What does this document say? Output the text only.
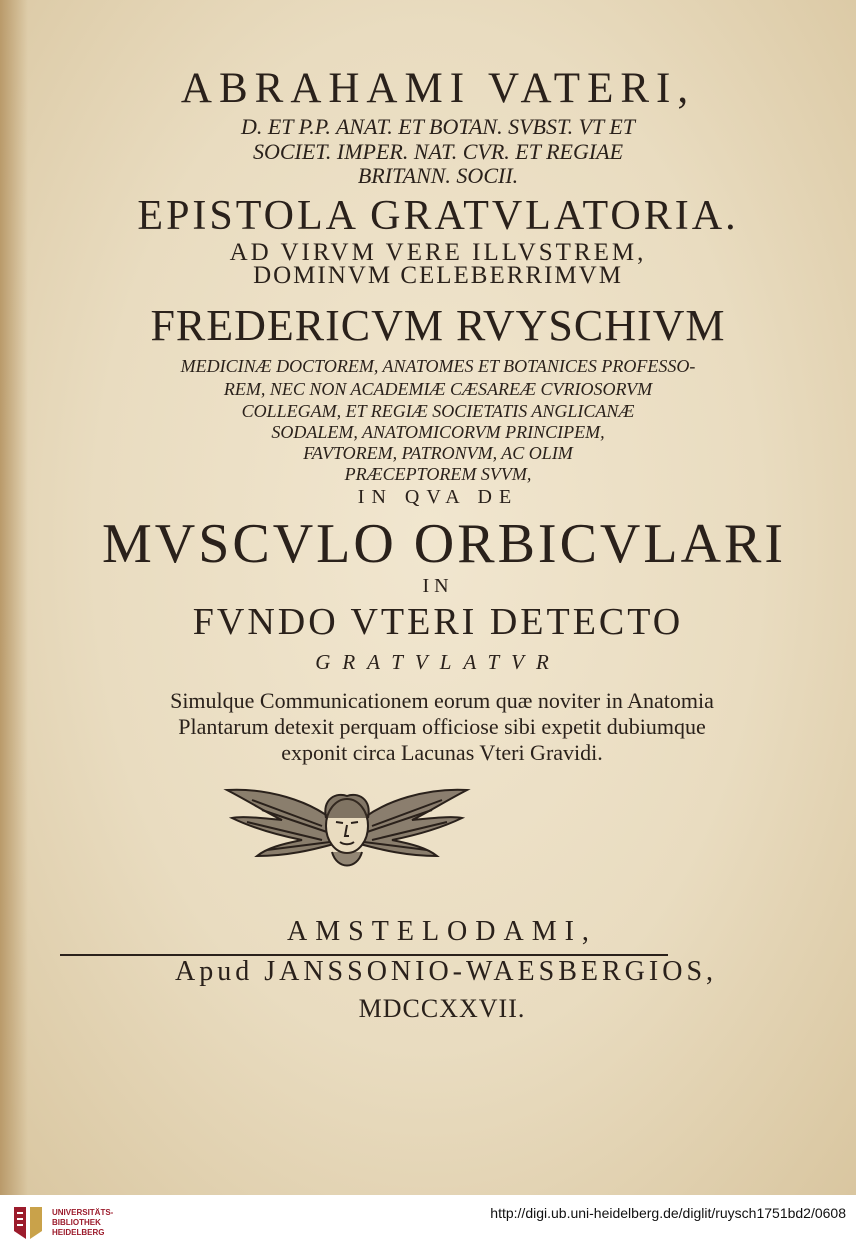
ABRAHAMI VATERI,
D. ET P.P. ANAT. ET BOTAN. SVBST. VT ET
SOCIET. IMPER. NAT. CVR. ET REGIAE
BRITANN. SOCII.
EPISTOLA GRATVLATORIA.
AD VIRVM VERE ILLVSTREM,
DOMINVM CELEBERRIMVM
FREDERICVM RVYSCHIVM
MEDICINÆ DOCTOREM, ANATOMES ET BOTANICES PROFESSO-
REM, NEC NON ACADEMIÆ CÆSAREÆ CVRIOSORVM
COLLEGAM, ET REGIÆ SOCIETATIS ANGLICANÆ
SODALEM, ANATOMICORVM PRINCIPEM,
FAVTOREM, PATRONVM, AC OLIM
PRÆCEPTOREM SVVM,
IN QVA DE
MVSCVLO ORBICVLARI
IN
FVNDO VTERI DETECTO
GRATVLATVR
Simulque Communicationem eorum quæ noviter in Anatomia
Plantarum detexit perquam officiose sibi expetit dubiumque
exponit circa Lacunas Vteri Gravidi.
AMSTELODAMI,
Apud JANSSONIO-WAESBERGIOS,
MDCCXXVII.
UNIVERSITÄTS-
BIBLIOTHEK
HEIDELBERG
http://digi.ub.uni-heidelberg.de/diglit/ruysch1751bd2/0608
